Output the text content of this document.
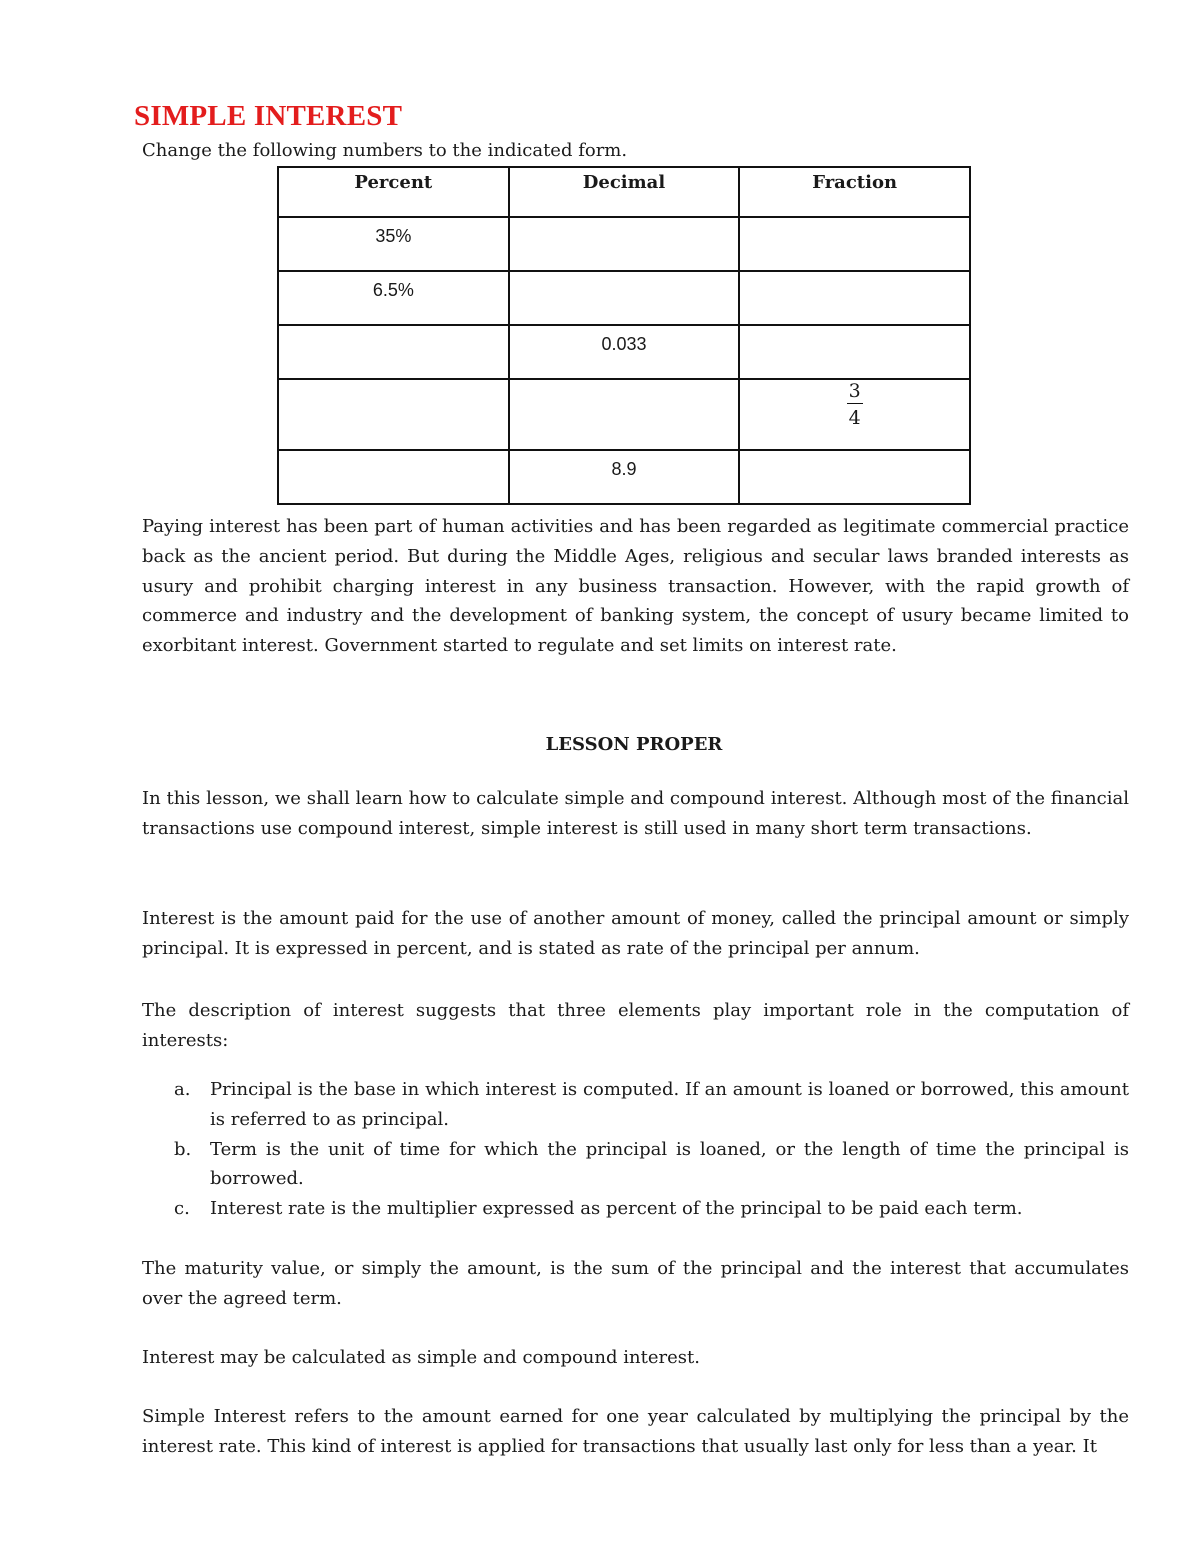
SIMPLE INTEREST
Change the following numbers to the indicated form.
Percent	Decimal	Fraction
35%		
6.5%		
	0.033	

		$\frac{3}{4}$

	8.9	

Paying interest has been part of human activities and has been regarded as legitimate commercial practice back as the ancient period. But during the Middle Ages, religious and secular laws branded interests as usury and prohibit charging interest in any business transaction. However, with the rapid growth of commerce and industry and the development of banking system, the concept of usury became limited to exorbitant interest. Government started to regulate and set limits on interest rate.

LESSON PROPER

In this lesson, we shall learn how to calculate simple and compound interest. Although most of the financial transactions use compound interest, simple interest is still used in many short term transactions.

Interest is the amount paid for the use of another amount of money, called the principal amount or simply principal. It is expressed in percent, and is stated as rate of the principal per annum.

The description of interest suggests that three elements play important role in the computation of interests:

a. Principal is the base in which interest is computed. If an amount is loaned or borrowed, this amount is referred to as principal.
b. Term is the unit of time for which the principal is loaned, or the length of time the principal is borrowed.
c. Interest rate is the multiplier expressed as percent of the principal to be paid each term.

The maturity value, or simply the amount, is the sum of the principal and the interest that accumulates over the agreed term.

Interest may be calculated as simple and compound interest.

Simple Interest refers to the amount earned for one year calculated by multiplying the principal by the interest rate. This kind of interest is applied for transactions that usually last only for less than a year. It
